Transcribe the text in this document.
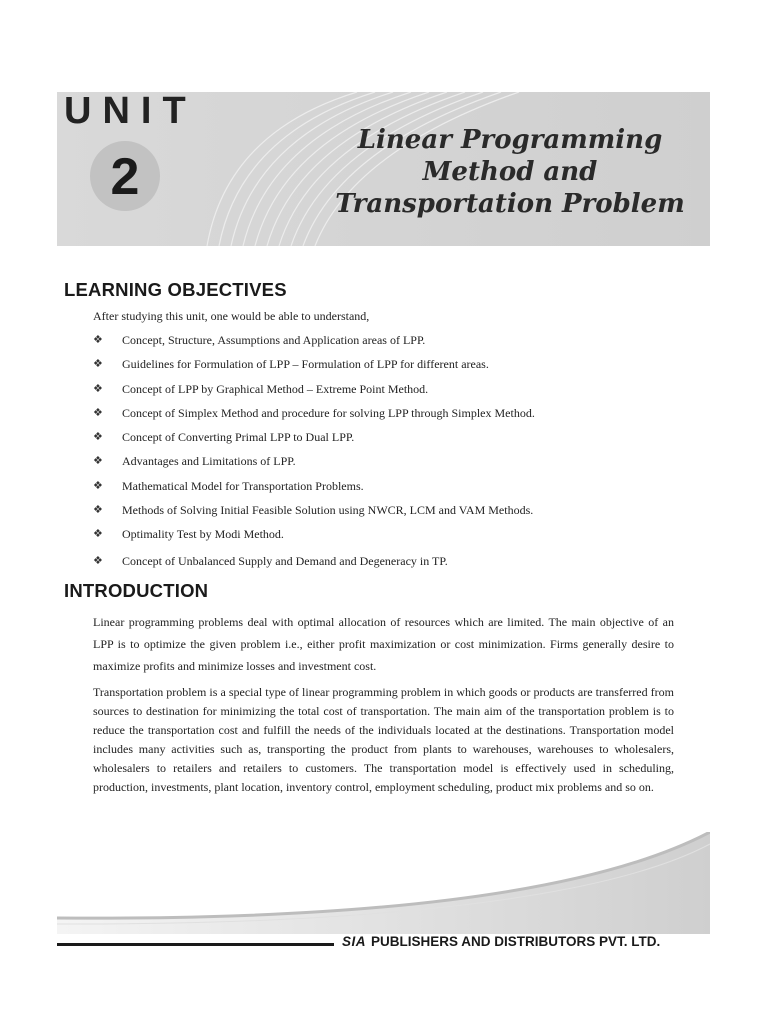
UNIT
2
Linear Programming
Method and
Transportation Problem
LEARNING OBJECTIVES
After studying this unit, one would be able to understand,
❖ Concept, Structure, Assumptions and Application areas of LPP.
❖ Guidelines for Formulation of LPP – Formulation of LPP for different areas.
❖ Concept of LPP by Graphical Method – Extreme Point Method.
❖ Concept of Simplex Method and procedure for solving LPP through Simplex Method.
❖ Concept of Converting Primal LPP to Dual LPP.
❖ Advantages and Limitations of LPP.
❖ Mathematical Model for Transportation Problems.
❖ Methods of Solving Initial Feasible Solution using NWCR, LCM and VAM Methods.
❖ Optimality Test by Modi Method.
❖ Concept of Unbalanced Supply and Demand and Degeneracy in TP.
INTRODUCTION
Linear programming problems deal with optimal allocation of resources which are limited. The main objective of an LPP is to optimize the given problem i.e., either profit maximization or cost minimization. Firms generally desire to maximize profits and minimize losses and investment cost.
Transportation problem is a special type of linear programming problem in which goods or products are transferred from sources to destination for minimizing the total cost of transportation. The main aim of the transportation problem is to reduce the transportation cost and fulfill the needs of the individuals located at the destinations. Transportation model includes many activities such as, transporting the product from plants to warehouses, warehouses to wholesalers, wholesalers to retailers and retailers to customers. The transportation model is effectively used in scheduling, production, investments, plant location, inventory control, employment scheduling, product mix problems and so on.
SIA PUBLISHERS AND DISTRIBUTORS PVT. LTD.
